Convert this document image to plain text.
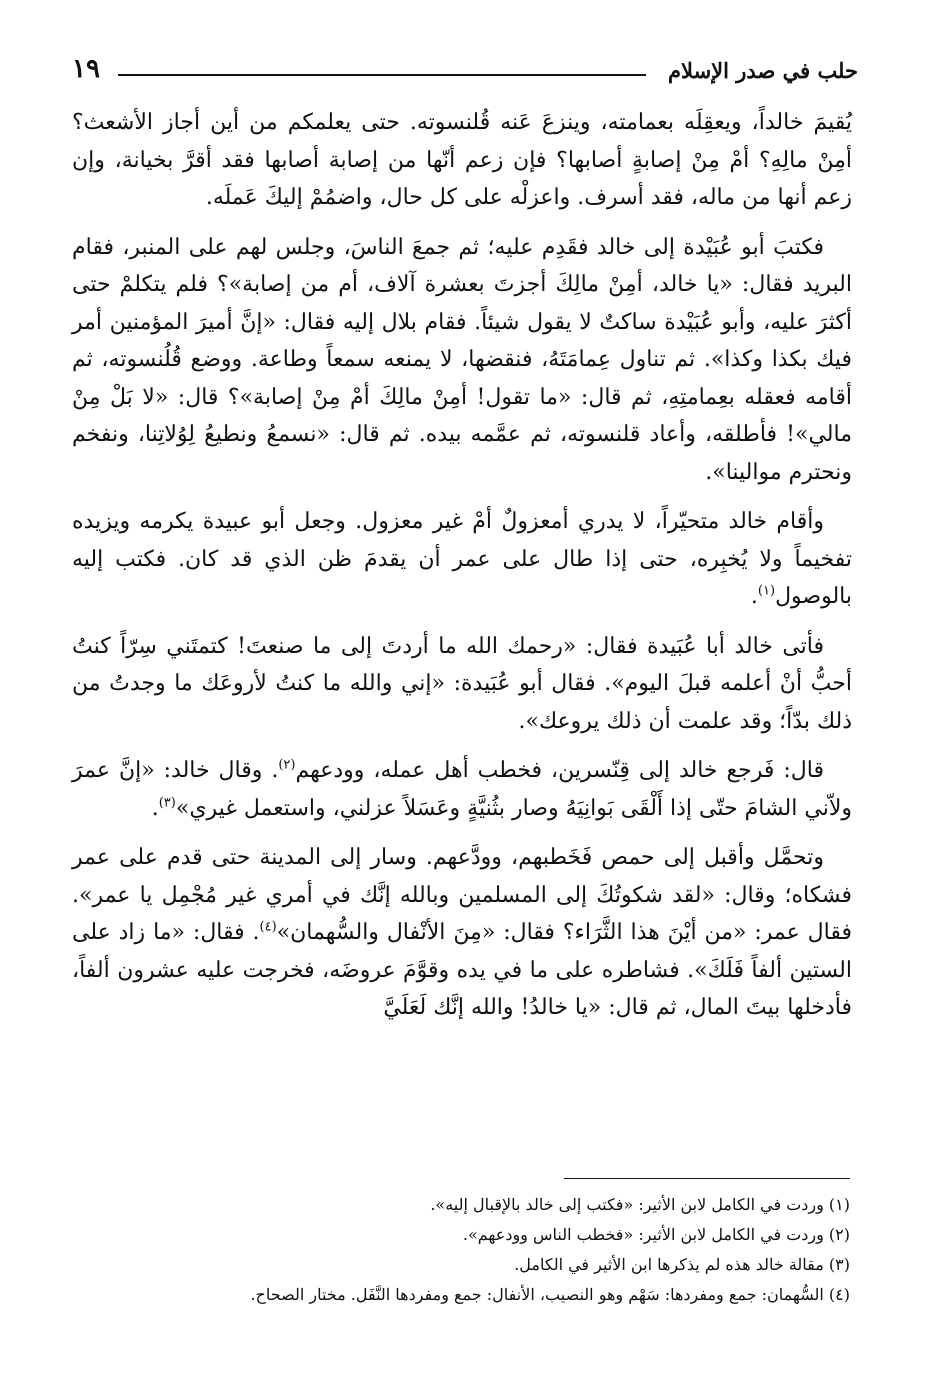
حلب في صدر الإسلام
١٩

يُقيمَ خالداً، ويعقِلَه بعمامته، وينزعَ عَنه قُلنسوته. حتى يعلمكم من أين أجاز الأشعث؟ أمِنْ مالِهِ؟ أمْ مِنْ إصابةٍ أصابها؟ فإن زعم أنّها من إصابة أصابها فقد أقرَّ بخيانة، وإن زعم أنها من ماله، فقد أسرف. واعزلْه على كل حال، واضمُمْ إليكَ عَملَه.

فكتبَ أبو عُبَيْدة إلى خالد فقَدِم عليه؛ ثم جمعَ الناسَ، وجلس لهم على المنبر، فقام البريد فقال: «يا خالد، أمِنْ مالِكَ أجزتَ بعشرة آلاف، أم من إصابة»؟ فلم يتكلمْ حتى أكثرَ عليه، وأبو عُبَيْدة ساكتٌ لا يقول شيئاً. فقام بلال إليه فقال: «إنَّ أميرَ المؤمنين أمر فيك بكذا وكذا». ثم تناول عِمامَتَهُ، فنقضها، لا يمنعه سمعاً وطاعة. ووضع قُلُنسوته، ثم أقامه فعقله بعِمامتِهِ، ثم قال: «ما تقول! أمِنْ مالِكَ أمْ مِنْ إصابة»؟ قال: «لا بَلْ مِنْ مالي»! فأطلقه، وأعاد قلنسوته، ثم عمَّمه بيده. ثم قال: «نسمعُ ونطيعُ لِوُلاتِنا، ونفخم ونحترم موالينا».

وأقام خالد متحيّراً، لا يدري أمعزولٌ أمْ غير معزول. وجعل أبو عبيدة يكرمه ويزيده تفخيماً ولا يُخبِره، حتى إذا طال على عمر أن يقدمَ ظن الذي قد كان. فكتب إليه بالوصول$^{(١)}$.

فأتى خالد أبا عُبَيدة فقال: «رحمك الله ما أردتَ إلى ما صنعتَ! كتمتَني سِرّاً كنتُ أحبُّ أنْ أعلمه قبلَ اليوم». فقال أبو عُبَيدة: «إني والله ما كنتُ لأروعَك ما وجدتُ من ذلك بدّاً؛ وقد علمت أن ذلك يروعك».

قال: فَرجع خالد إلى قِنّسرين، فخطب أهل عمله، وودعهم$^{(٢)}$. وقال خالد: «إنَّ عمرَ ولاّني الشامَ حتّى إذا أَلْقَى بَوانِيَهُ وصار بثُنيَّةٍ وعَسَلاً عزلني، واستعمل غيري»$^{(٣)}$.

وتحمَّل وأقبل إلى حمص فَخَطبهم، وودَّعهم. وسار إلى المدينة حتى قدم على عمر فشكاه؛ وقال: «لقد شكوتُكَ إلى المسلمين وبالله إنَّك في أمري غير مُجْمِل يا عمر». فقال عمر: «من أيْنَ هذا الثَّرَاء؟ فقال: «مِنَ الأنْفال والسُّهمان»$^{(٤)}$. فقال: «ما زاد على الستين ألفاً فَلَكَ». فشاطره على ما في يده وقوَّمَ عروضَه، فخرجت عليه عشرون ألفاً، فأدخلها بيتَ المال، ثم قال: «يا خالدُ! والله إنَّك لَعَلَيَّ

(١) وردت في الكامل لابن الأثير: «فكتب إلى خالد بالإقبال إليه».

(٢) وردت في الكامل لابن الأثير: «فخطب الناس وودعهم».

(٣) مقالة خالد هذه لم يذكرها ابن الأثير في الكامل.

(٤) السُّهمان: جمع ومفردها: سَهْم وهو النصيب، الأنفال: جمع ومفردها النَّفَل. مختار الصحاح.
